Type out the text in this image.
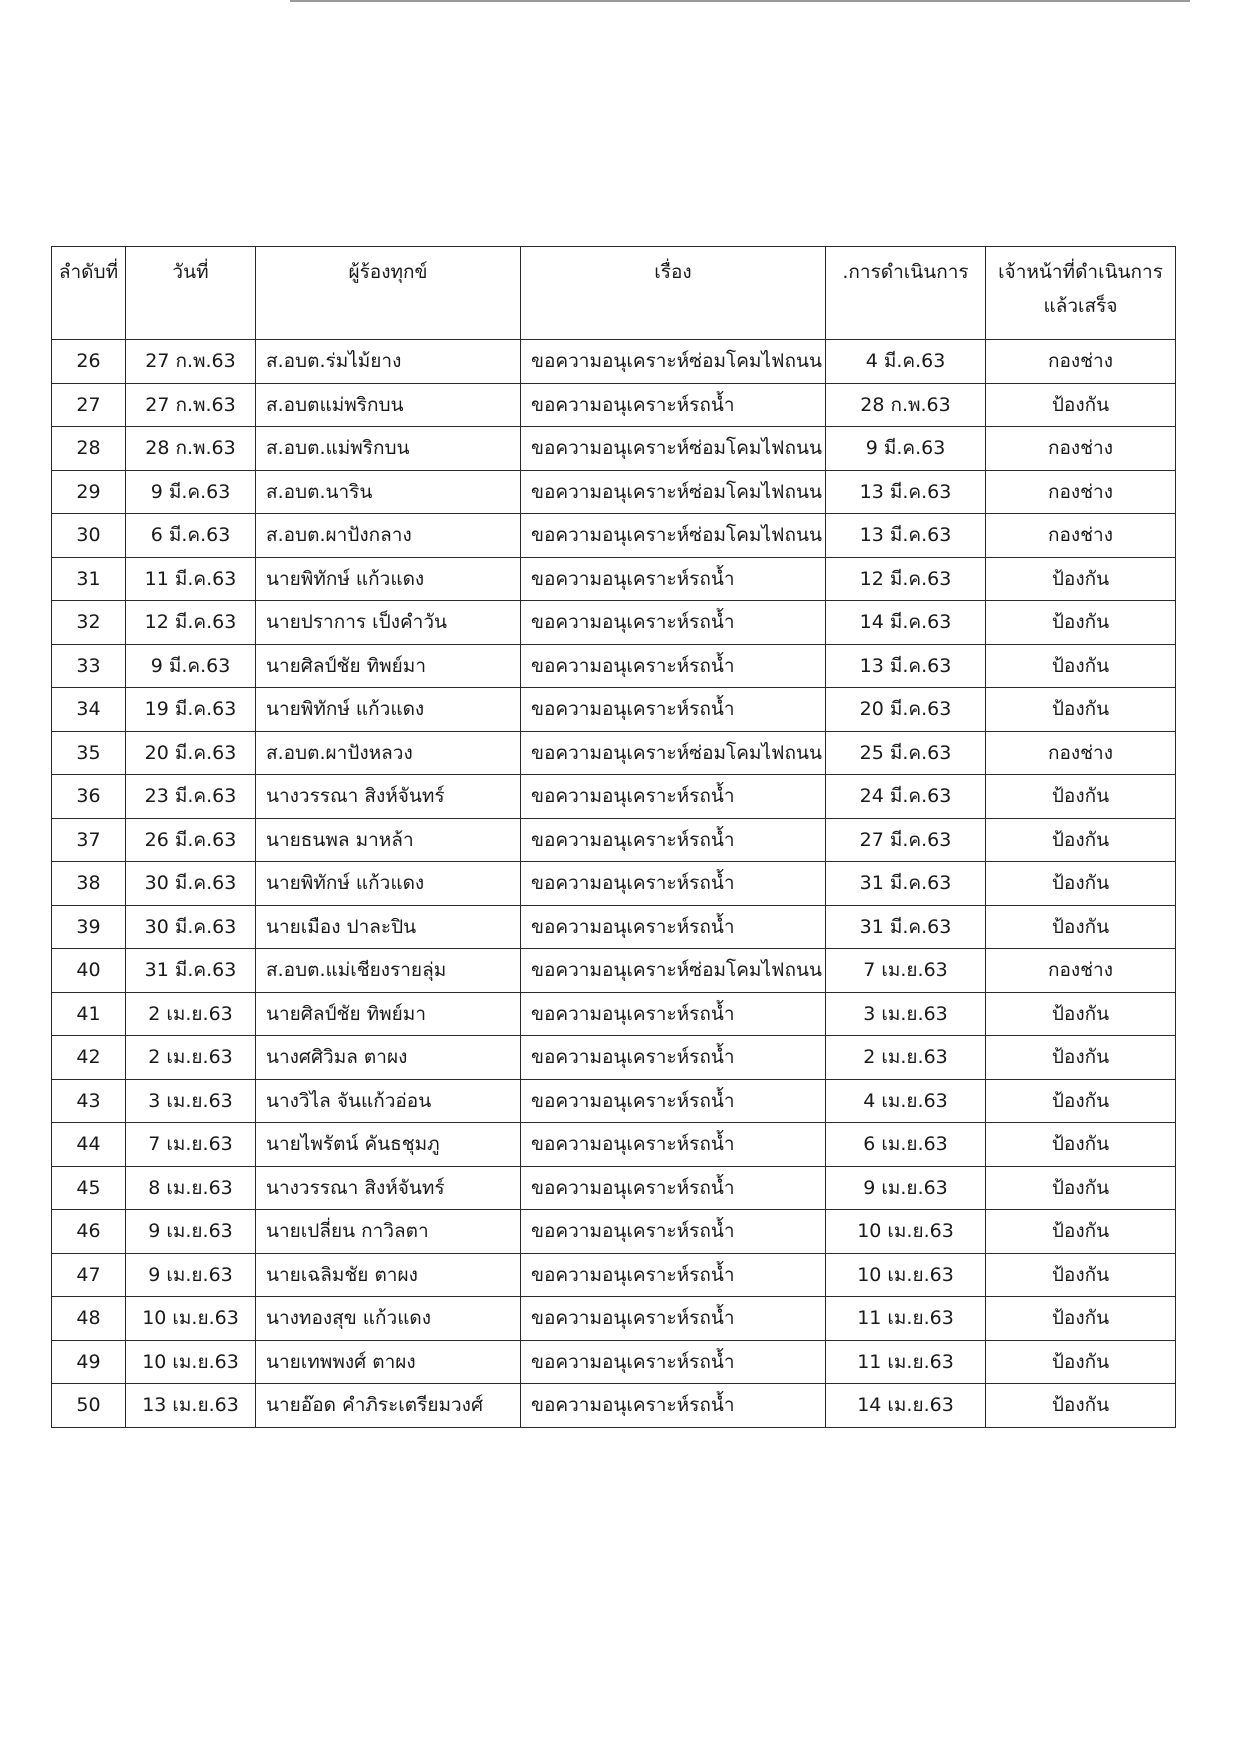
ลำดับที่	วันที่	ผู้ร้องทุกข์	เรื่อง	.การดำเนินการ	เจ้าหน้าที่ดำเนินการแล้วเสร็จ
26	27 ก.พ.63	ส.อบต.ร่มไม้ยาง	ขอความอนุเคราะห์ซ่อมโคมไฟถนน	4 มี.ค.63	กองช่าง
27	27 ก.พ.63	ส.อบตแม่พริกบน	ขอความอนุเคราะห์รถน้ำ	28 ก.พ.63	ป้องกัน
28	28 ก.พ.63	ส.อบต.แม่พริกบน	ขอความอนุเคราะห์ซ่อมโคมไฟถนน	9 มี.ค.63	กองช่าง
29	9 มี.ค.63	ส.อบต.นาริน	ขอความอนุเคราะห์ซ่อมโคมไฟถนน	13 มี.ค.63	กองช่าง
30	6 มี.ค.63	ส.อบต.ผาปังกลาง	ขอความอนุเคราะห์ซ่อมโคมไฟถนน	13 มี.ค.63	กองช่าง
31	11 มี.ค.63	นายพิทักษ์ แก้วแดง	ขอความอนุเคราะห์รถน้ำ	12 มี.ค.63	ป้องกัน
32	12 มี.ค.63	นายปราการ เป็งคำวัน	ขอความอนุเคราะห์รถน้ำ	14 มี.ค.63	ป้องกัน
33	9 มี.ค.63	นายศิลป์ชัย ทิพย์มา	ขอความอนุเคราะห์รถน้ำ	13 มี.ค.63	ป้องกัน
34	19 มี.ค.63	นายพิทักษ์ แก้วแดง	ขอความอนุเคราะห์รถน้ำ	20 มี.ค.63	ป้องกัน
35	20 มี.ค.63	ส.อบต.ผาปังหลวง	ขอความอนุเคราะห์ซ่อมโคมไฟถนน	25 มี.ค.63	กองช่าง
36	23 มี.ค.63	นางวรรณา สิงห์จันทร์	ขอความอนุเคราะห์รถน้ำ	24 มี.ค.63	ป้องกัน
37	26 มี.ค.63	นายธนพล มาหล้า	ขอความอนุเคราะห์รถน้ำ	27 มี.ค.63	ป้องกัน
38	30 มี.ค.63	นายพิทักษ์ แก้วแดง	ขอความอนุเคราะห์รถน้ำ	31 มี.ค.63	ป้องกัน
39	30 มี.ค.63	นายเมือง ปาละปิน	ขอความอนุเคราะห์รถน้ำ	31 มี.ค.63	ป้องกัน
40	31 มี.ค.63	ส.อบต.แม่เชียงรายลุ่ม	ขอความอนุเคราะห์ซ่อมโคมไฟถนน	7 เม.ย.63	กองช่าง
41	2 เม.ย.63	นายศิลป์ชัย ทิพย์มา	ขอความอนุเคราะห์รถน้ำ	3 เม.ย.63	ป้องกัน
42	2 เม.ย.63	นางศศิวิมล ตาผง	ขอความอนุเคราะห์รถน้ำ	2 เม.ย.63	ป้องกัน
43	3 เม.ย.63	นางวิไล จันแก้วอ่อน	ขอความอนุเคราะห์รถน้ำ	4 เม.ย.63	ป้องกัน
44	7 เม.ย.63	นายไพรัตน์ คันธชุมภู	ขอความอนุเคราะห์รถน้ำ	6 เม.ย.63	ป้องกัน
45	8 เม.ย.63	นางวรรณา สิงห์จันทร์	ขอความอนุเคราะห์รถน้ำ	9 เม.ย.63	ป้องกัน
46	9 เม.ย.63	นายเปลี่ยน กาวิลตา	ขอความอนุเคราะห์รถน้ำ	10 เม.ย.63	ป้องกัน
47	9 เม.ย.63	นายเฉลิมชัย ตาผง	ขอความอนุเคราะห์รถน้ำ	10 เม.ย.63	ป้องกัน
48	10 เม.ย.63	นางทองสุข แก้วแดง	ขอความอนุเคราะห์รถน้ำ	11 เม.ย.63	ป้องกัน
49	10 เม.ย.63	นายเทพพงศ์ ตาผง	ขอความอนุเคราะห์รถน้ำ	11 เม.ย.63	ป้องกัน
50	13 เม.ย.63	นายอ๊อด คำภิระเตรียมวงศ์	ขอความอนุเคราะห์รถน้ำ	14 เม.ย.63	ป้องกัน
